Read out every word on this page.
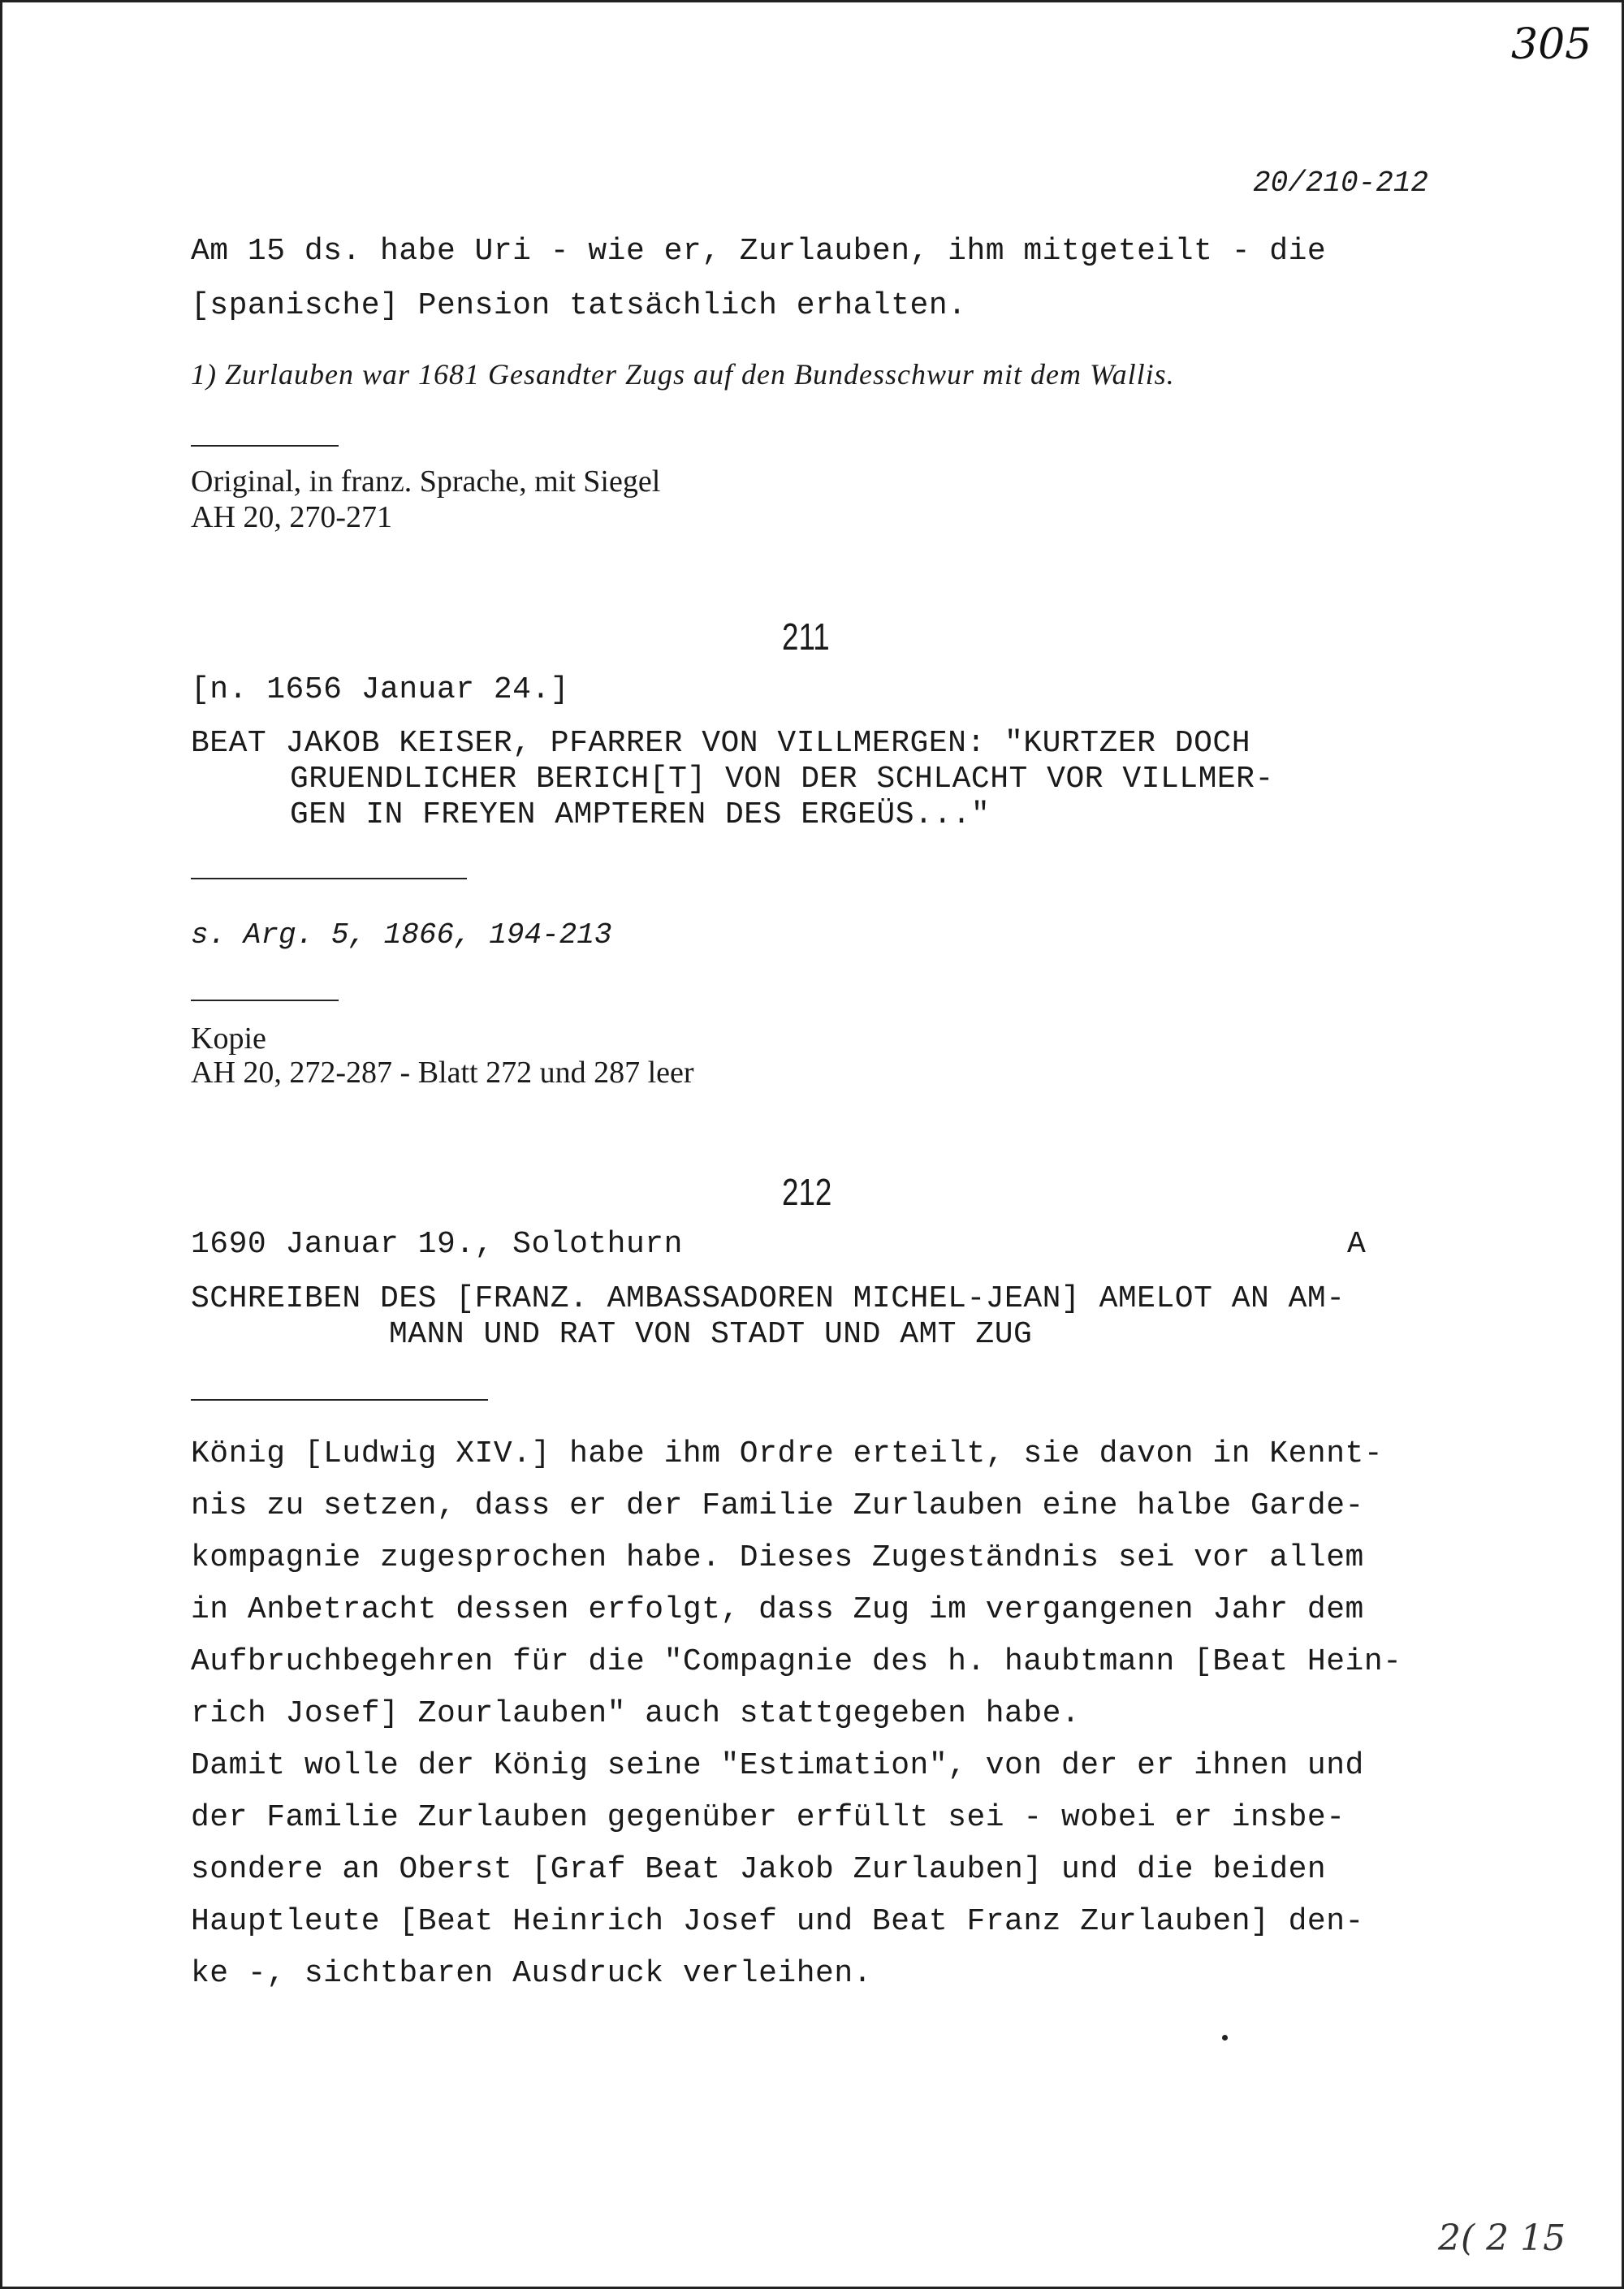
305
20/210-212
Am 15 ds. habe Uri - wie er, Zurlauben, ihm mitgeteilt - die
[spanische] Pension tatsächlich erhalten.
1) Zurlauben war 1681 Gesandter Zugs auf den Bundesschwur mit dem Wallis.
Original, in franz. Sprache, mit Siegel
AH 20, 270-271
211
[n. 1656 Januar 24.]
BEAT JAKOB KEISER, PFARRER VON VILLMERGEN: "KURTZER DOCH
GRUENDLICHER BERICH[T] VON DER SCHLACHT VOR VILLMER-
GEN IN FREYEN AMPTEREN DES ERGEÜS..."
s. Arg. 5, 1866, 194-213
Kopie
AH 20, 272-287 - Blatt 272 und 287 leer
212
1690 Januar 19., Solothurn	A
SCHREIBEN DES [FRANZ. AMBASSADOREN MICHEL-JEAN] AMELOT AN AM-
MANN UND RAT VON STADT UND AMT ZUG
König [Ludwig XIV.] habe ihm Ordre erteilt, sie davon in Kennt-
nis zu setzen, dass er der Familie Zurlauben eine halbe Garde-
kompagnie zugesprochen habe. Dieses Zugeständnis sei vor allem
in Anbetracht dessen erfolgt, dass Zug im vergangenen Jahr dem
Aufbruchbegehren für die "Compagnie des h. haubtmann [Beat Hein-
rich Josef] Zourlauben" auch stattgegeben habe.
Damit wolle der König seine "Estimation", von der er ihnen und
der Familie Zurlauben gegenüber erfüllt sei - wobei er insbe-
sondere an Oberst [Graf Beat Jakob Zurlauben] und die beiden
Hauptleute [Beat Heinrich Josef und Beat Franz Zurlauben] den-
ke -, sichtbaren Ausdruck verleihen.
2( 2 15
